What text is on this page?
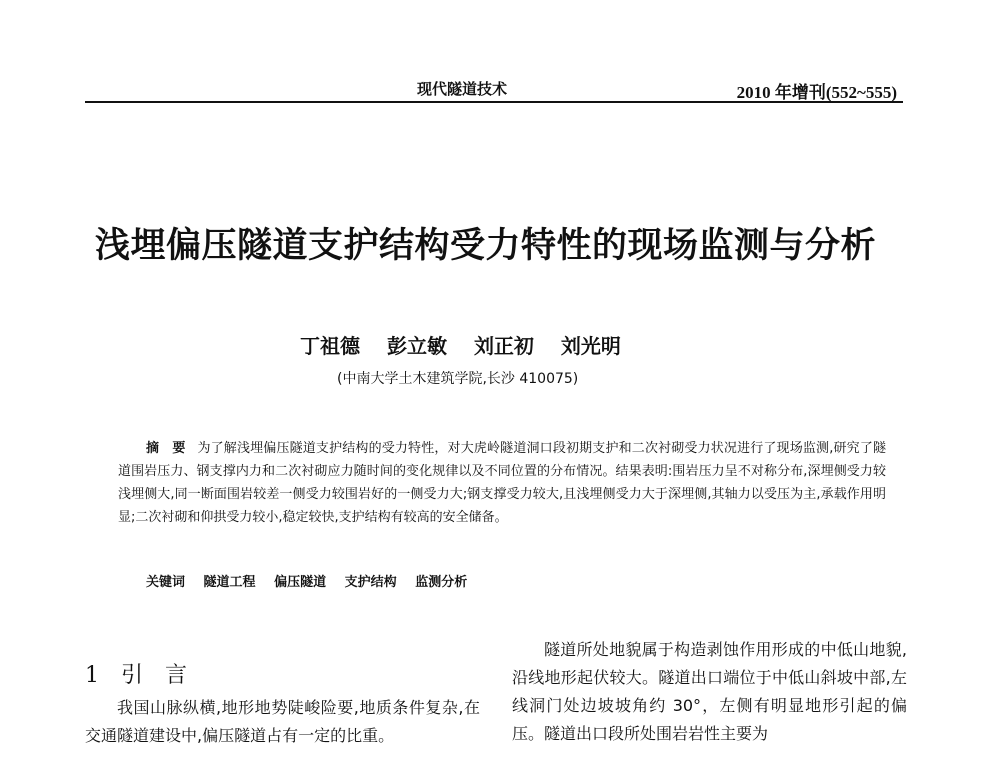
现代隧道技术	2010 年增刊(552~555)
浅埋偏压隧道支护结构受力特性的现场监测与分析
丁祖德 彭立敏 刘正初 刘光明
(中南大学土木建筑学院,长沙 410075)
摘　要 为了解浅埋偏压隧道支护结构的受力特性，对大虎岭隧道洞口段初期支护和二次衬砌受力状况进行了现场监测,研究了隧道围岩压力、钢支撑内力和二次衬砌应力随时间的变化规律以及不同位置的分布情况。结果表明:围岩压力呈不对称分布,深埋侧受力较浅埋侧大,同一断面围岩较差一侧受力较围岩好的一侧受力大;钢支撑受力较大,且浅埋侧受力大于深埋侧,其轴力以受压为主,承载作用明显;二次衬砌和仰拱受力较小,稳定较快,支护结构有较高的安全储备。
关键词 隧道工程 偏压隧道 支护结构 监测分析
1 引　言
我国山脉纵横,地形地势陡峻险要,地质条件复杂,在交通隧道建设中,偏压隧道占有一定的比重。
隧道所处地貌属于构造剥蚀作用形成的中低山地貌,沿线地形起伏较大。隧道出口端位于中低山斜坡中部,左线洞门处边坡坡角约 30°，左侧有明显地形引起的偏压。隧道出口段所处围岩岩性主要为
